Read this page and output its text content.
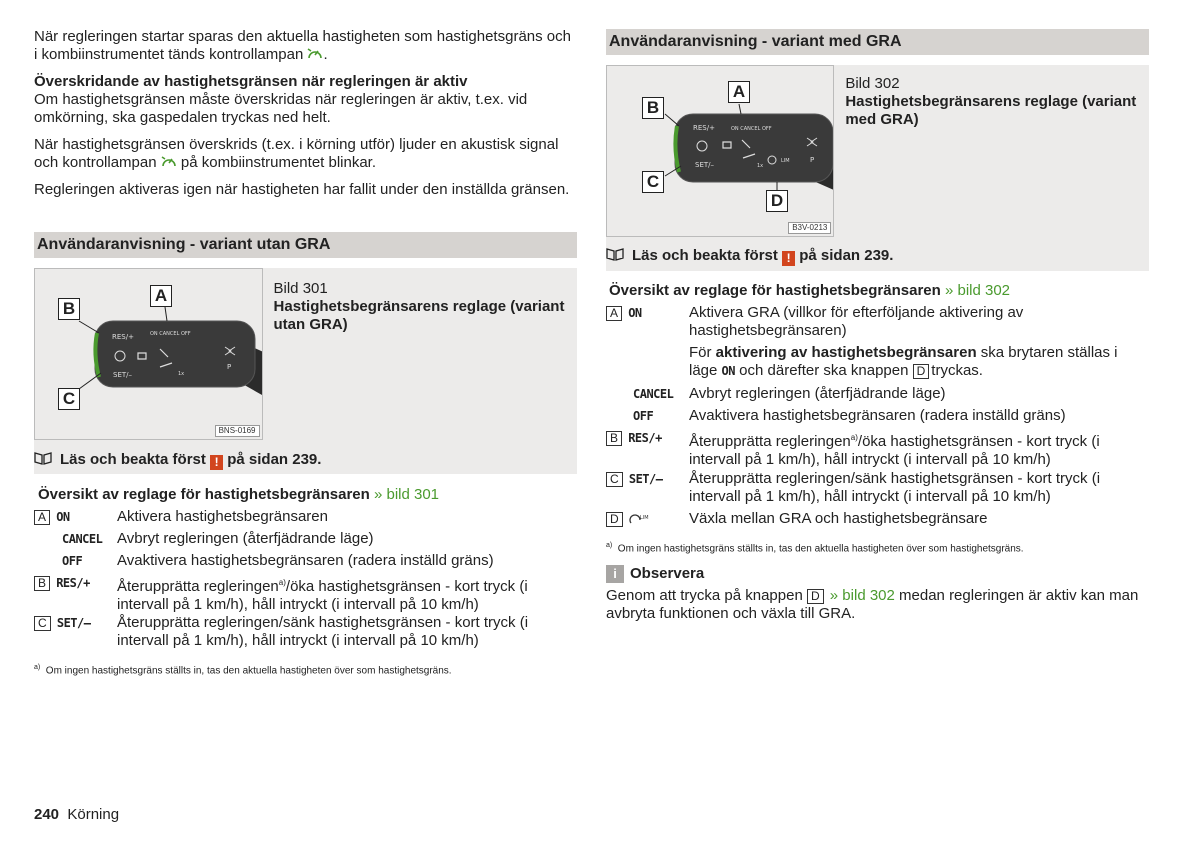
När regleringen startar sparas den aktuella hastigheten som hastighetsgräns och i kombiinstrumentet tänds kontrollampan .

Överskridande av hastighetsgränsen när regleringen är aktiv

Om hastighetsgränsen måste överskridas när regleringen är aktiv, t.ex. vid omkörning, ska gaspedalen tryckas ned helt.

När hastighetsgränsen överskrids (t.ex. i körning utför) ljuder en akustisk signal och kontrollampan på kombiinstrumentet blinkar.

Regleringen aktiveras igen när hastigheten har fallit under den inställda gränsen.

Användaranvisning - variant utan GRA
RES/+	ON CANCEL OFF
SET/–	1x
P
A
B
C
BNS-0169
Bild 301
Hastighetsbegränsarens reglage (variant utan GRA)
Läs och beakta först ! på sidan 239.

Översikt av reglage för hastighetsbegränsaren » bild 301

A ON	Aktivera hastighetsbegränsaren
CANCEL Avbryt regleringen (återfjädrande läge)
OFF	Avaktivera hastighetsbegränsaren (radera inställd gräns)
B RES/+	Återupprätta regleringen$^{a)}$/öka hastighetsgränsen - kort tryck (i intervall på 1 km/h), håll intryckt (i intervall på 10 km/h)
C SET/–	Återupprätta regleringen/sänk hastighetsgränsen - kort tryck (i intervall på 1 km/h), håll intryckt (i intervall på 10 km/h)
$^{a)}$ Om ingen hastighetsgräns ställts in, tas den aktuella hastigheten över som hastighetsgräns.
Användaranvisning - variant med GRA
RES/+	ON CANCEL OFF
SET/–	1x
LIM	P
A
B
C
D
B3V-0213
Bild 302
Hastighetsbegränsarens reglage (variant med GRA)
Läs och beakta först ! på sidan 239.

Översikt av reglage för hastighetsbegränsaren » bild 302

A ON	Aktivera GRA (villkor för efterföljande aktivering av hastighetsbegränsaren)
För aktivering av hastighetsbegränsaren ska brytaren ställas i läge ON och därefter ska knappen D tryckas.
CANCEL	Avbryt regleringen (återfjädrande läge)
OFF	Avaktivera hastighetsbegränsaren (radera inställd gräns)
B RES/+	Återupprätta regleringen$^{a)}$/öka hastighetsgränsen - kort tryck (i intervall på 1 km/h), håll intryckt (i intervall på 10 km/h)
C SET/–	Återupprätta regleringen/sänk hastighetsgränsen - kort tryck (i intervall på 1 km/h), håll intryckt (i intervall på 10 km/h)
D	LIM	Växla mellan GRA och hastighetsbegränsare
$^{a)}$ Om ingen hastighetsgräns ställts in, tas den aktuella hastigheten över som hastighetsgräns.
i Observera

Genom att trycka på knappen D » bild 302 medan regleringen är aktiv kan man avbryta funktionen och växla till GRA.

240 Körning
